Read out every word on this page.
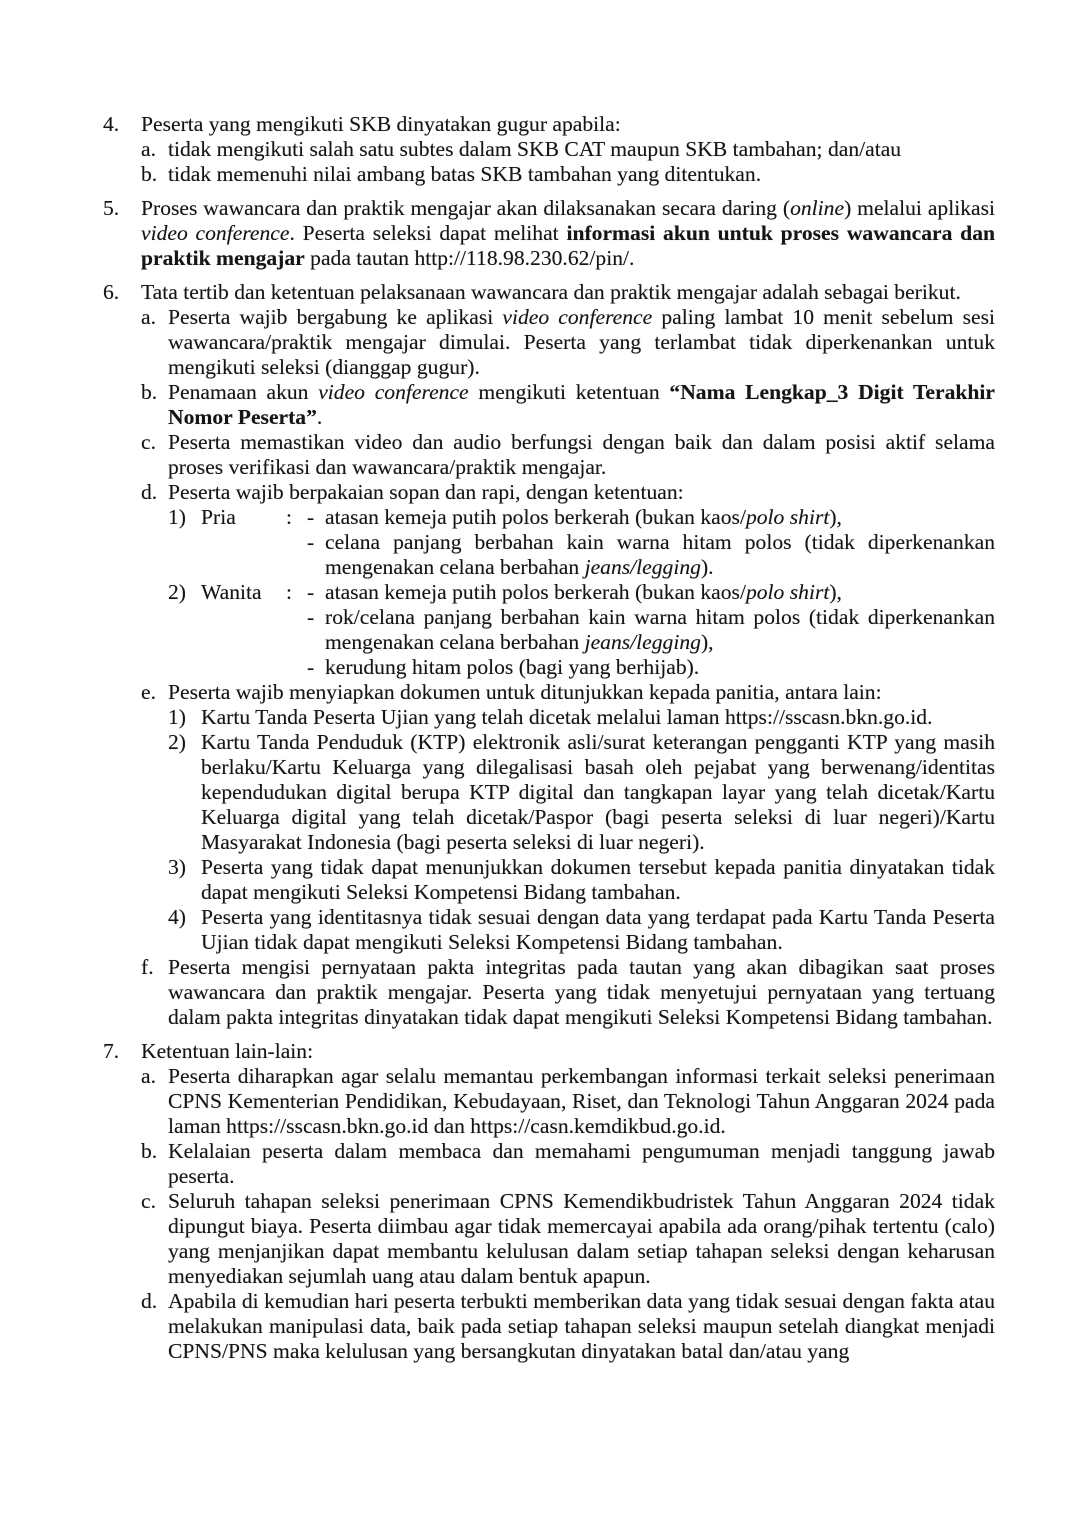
4.	Peserta yang mengikuti SKB dinyatakan gugur apabila:

a. tidak mengikuti salah satu subtes dalam SKB CAT maupun SKB tambahan; dan/atau

b. tidak memenuhi nilai ambang batas SKB tambahan yang ditentukan.

5.	Proses wawancara dan praktik mengajar akan dilaksanakan secara daring (online) melalui aplikasi video conference. Peserta seleksi dapat melihat informasi akun untuk proses wawancara dan praktik mengajar pada tautan http://118.98.230.62/pin/.

6.	Tata tertib dan ketentuan pelaksanaan wawancara dan praktik mengajar adalah sebagai berikut.

a. Peserta wajib bergabung ke aplikasi video conference paling lambat 10 menit sebelum sesi wawancara/praktik mengajar dimulai. Peserta yang terlambat tidak diperkenankan untuk mengikuti seleksi (dianggap gugur).

b. Penamaan akun video conference mengikuti ketentuan “Nama Lengkap_3 Digit Terakhir Nomor Peserta”.

c. Peserta memastikan video dan audio berfungsi dengan baik dan dalam posisi aktif selama proses verifikasi dan wawancara/praktik mengajar.

d. Peserta wajib berpakaian sopan dan rapi, dengan ketentuan:

1) Pria	: - atasan kemeja putih polos berkerah (bukan kaos/polo shirt),
- celana panjang berbahan kain warna hitam polos (tidak diperkenankan mengenakan celana berbahan jeans/legging).
2) Wanita	: - atasan kemeja putih polos berkerah (bukan kaos/polo shirt),
- rok/celana panjang berbahan kain warna hitam polos (tidak diperkenankan mengenakan celana berbahan jeans/legging),
- kerudung hitam polos (bagi yang berhijab).
e. Peserta wajib menyiapkan dokumen untuk ditunjukkan kepada panitia, antara lain:

1) Kartu Tanda Peserta Ujian yang telah dicetak melalui laman https://sscasn.bkn.go.id.

2) Kartu Tanda Penduduk (KTP) elektronik asli/surat keterangan pengganti KTP yang masih berlaku/Kartu Keluarga yang dilegalisasi basah oleh pejabat yang berwenang/identitas kependudukan digital berupa KTP digital dan tangkapan layar yang telah dicetak/Kartu Keluarga digital yang telah dicetak/Paspor (bagi peserta seleksi di luar negeri)/Kartu Masyarakat Indonesia (bagi peserta seleksi di luar negeri).

3) Peserta yang tidak dapat menunjukkan dokumen tersebut kepada panitia dinyatakan tidak dapat mengikuti Seleksi Kompetensi Bidang tambahan.

4) Peserta yang identitasnya tidak sesuai dengan data yang terdapat pada Kartu Tanda Peserta Ujian tidak dapat mengikuti Seleksi Kompetensi Bidang tambahan.

f. Peserta mengisi pernyataan pakta integritas pada tautan yang akan dibagikan saat proses wawancara dan praktik mengajar. Peserta yang tidak menyetujui pernyataan yang tertuang dalam pakta integritas dinyatakan tidak dapat mengikuti Seleksi Kompetensi Bidang tambahan.

7.	Ketentuan lain-lain:

a. Peserta diharapkan agar selalu memantau perkembangan informasi terkait seleksi penerimaan CPNS Kementerian Pendidikan, Kebudayaan, Riset, dan Teknologi Tahun Anggaran 2024 pada laman https://sscasn.bkn.go.id dan https://casn.kemdikbud.go.id.

b. Kelalaian peserta dalam membaca dan memahami pengumuman menjadi tanggung jawab peserta.

c. Seluruh tahapan seleksi penerimaan CPNS Kemendikbudristek Tahun Anggaran 2024 tidak dipungut biaya. Peserta diimbau agar tidak memercayai apabila ada orang/pihak tertentu (calo) yang menjanjikan dapat membantu kelulusan dalam setiap tahapan seleksi dengan keharusan menyediakan sejumlah uang atau dalam bentuk apapun.

d. Apabila di kemudian hari peserta terbukti memberikan data yang tidak sesuai dengan fakta atau melakukan manipulasi data, baik pada setiap tahapan seleksi maupun setelah diangkat menjadi CPNS/PNS maka kelulusan yang bersangkutan dinyatakan batal dan/atau yang
